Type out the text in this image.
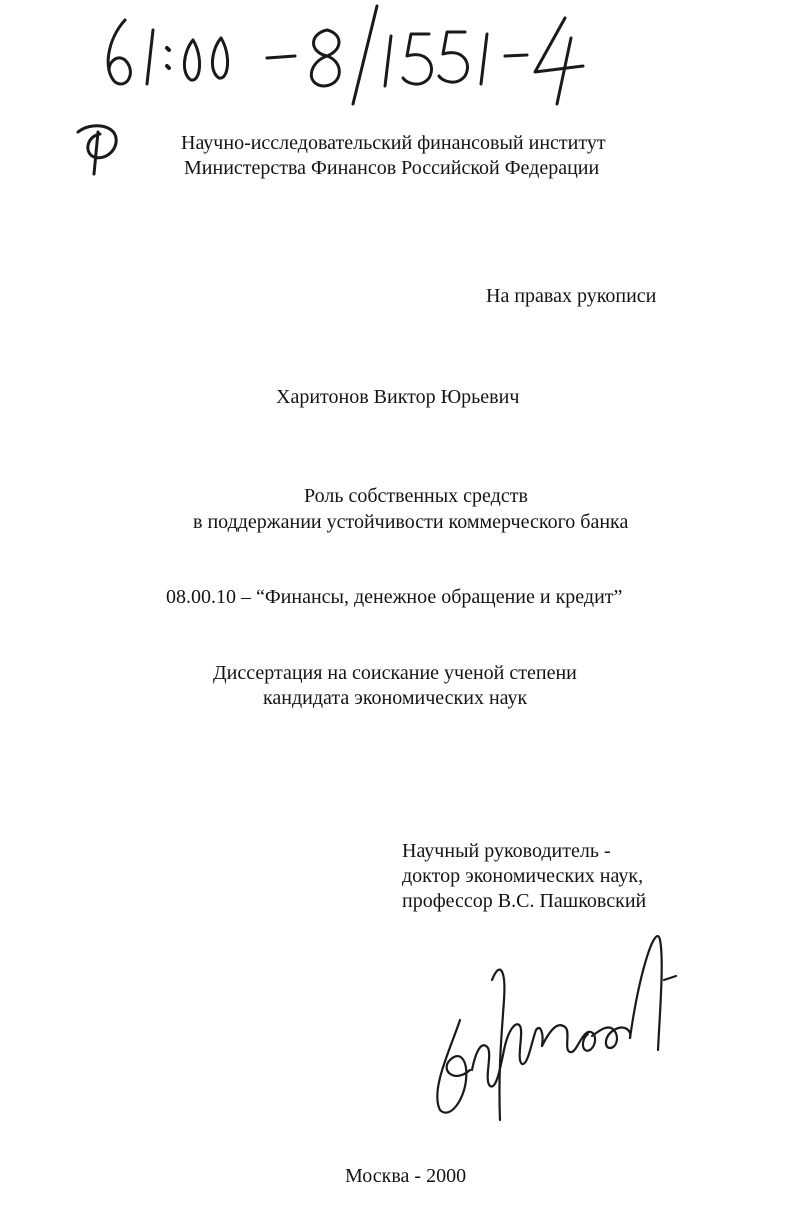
Научно-исследовательский финансовый институт
Министерства Финансов Российской Федерации
На правах рукописи
Харитонов Виктор Юрьевич
Роль собственных средств
в поддержании устойчивости коммерческого банка
08.00.10 – “Финансы, денежное обращение и кредит”
Диссертация на соискание ученой степени
кандидата экономических наук
Научный руководитель -
доктор экономических наук,
профессор В.С. Пашковский
Москва - 2000
